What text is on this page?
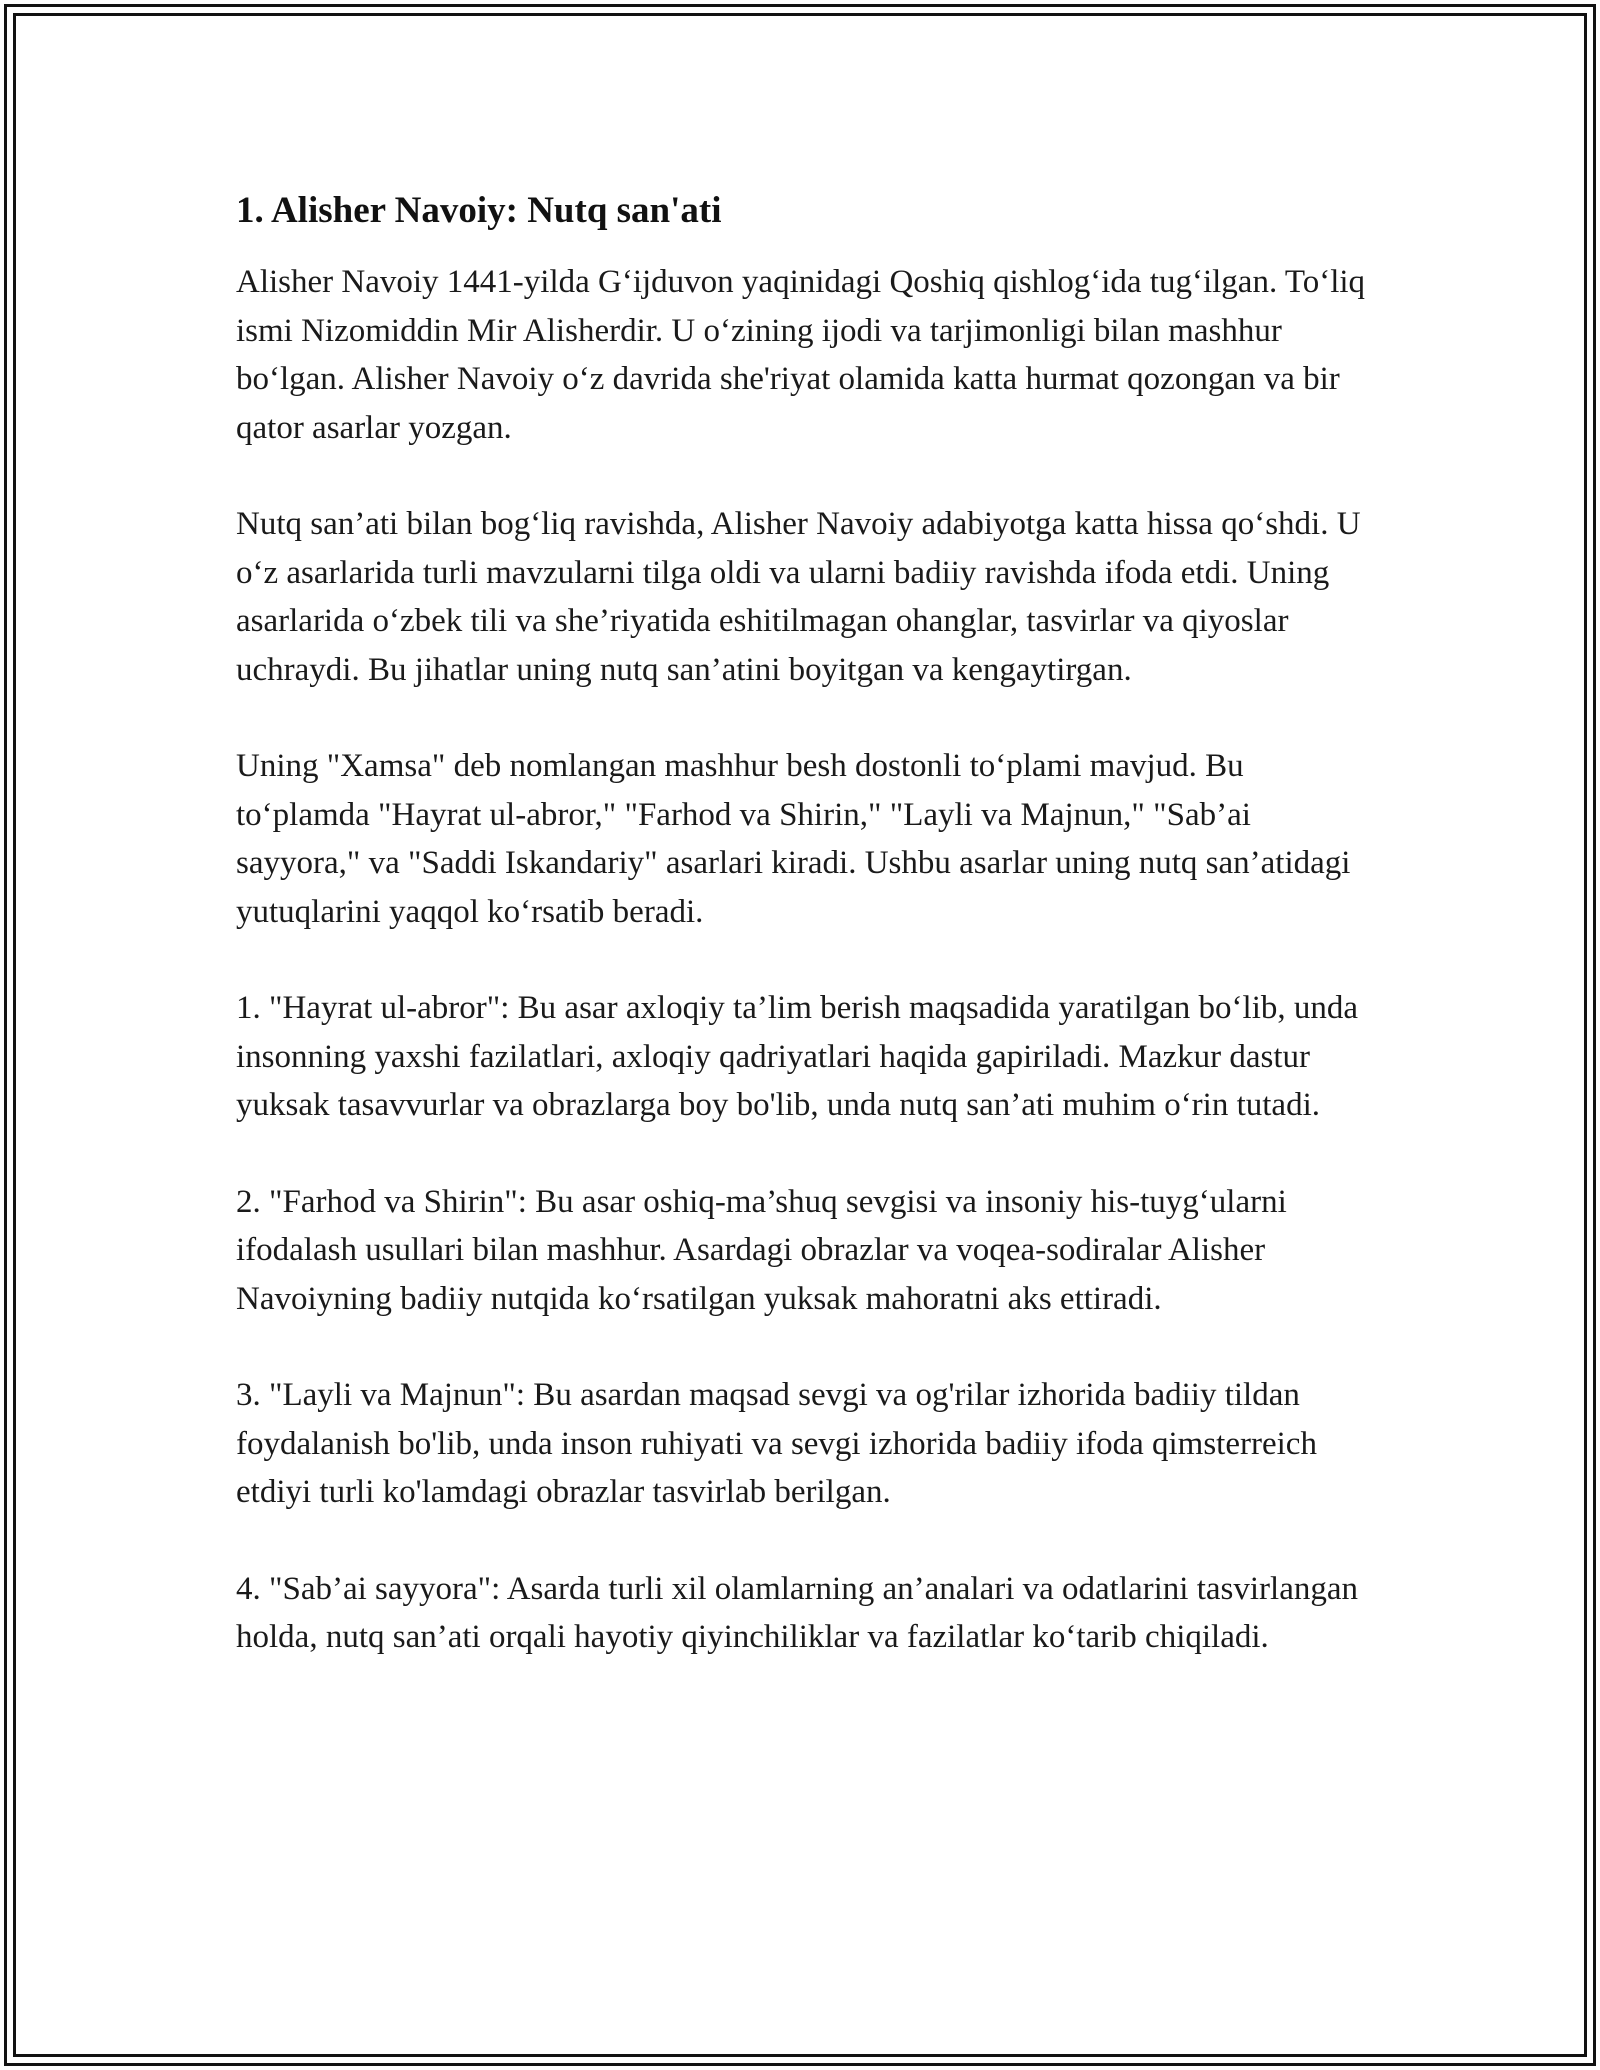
1. Alisher Navoiy: Nutq san'ati

Alisher Navoiy 1441-yilda G‘ijduvon yaqinidagi Qoshiq qishlog‘ida tug‘ilgan. To‘liq ismi Nizomiddin Mir Alisherdir. U o‘zining ijodi va tarjimonligi bilan mashhur bo‘lgan. Alisher Navoiy o‘z davrida she'riyat olamida katta hurmat qozongan va bir qator asarlar yozgan.

Nutq san’ati bilan bog‘liq ravishda, Alisher Navoiy adabiyotga katta hissa qo‘shdi. U o‘z asarlarida turli mavzularni tilga oldi va ularni badiiy ravishda ifoda etdi. Uning asarlarida o‘zbek tili va she’riyatida eshitilmagan ohanglar, tasvirlar va qiyoslar uchraydi. Bu jihatlar uning nutq san’atini boyitgan va kengaytirgan.

Uning "Xamsa" deb nomlangan mashhur besh dostonli to‘plami mavjud. Bu to‘plamda "Hayrat ul-abror," "Farhod va Shirin," "Layli va Majnun," "Sab’ai sayyora," va "Saddi Iskandariy" asarlari kiradi. Ushbu asarlar uning nutq san’atidagi yutuqlarini yaqqol ko‘rsatib beradi.

1. "Hayrat ul-abror": Bu asar axloqiy ta’lim berish maqsadida yaratilgan bo‘lib, unda insonning yaxshi fazilatlari, axloqiy qadriyatlari haqida gapiriladi. Mazkur dastur yuksak tasavvurlar va obrazlarga boy bo'lib, unda nutq san’ati muhim o‘rin tutadi.

2. "Farhod va Shirin": Bu asar oshiq-ma’shuq sevgisi va insoniy his-tuyg‘ularni ifodalash usullari bilan mashhur. Asardagi obrazlar va voqea-sodiralar Alisher Navoiyning badiiy nutqida ko‘rsatilgan yuksak mahoratni aks ettiradi.

3. "Layli va Majnun": Bu asardan maqsad sevgi va og'rilar izhorida badiiy tildan foydalanish bo'lib, unda inson ruhiyati va sevgi izhorida badiiy ifoda qimsterreich etdiyi turli ko'lamdagi obrazlar tasvirlab berilgan.

4. "Sab’ai sayyora": Asarda turli xil olamlarning an’analari va odatlarini tasvirlangan holda, nutq san’ati orqali hayotiy qiyinchiliklar va fazilatlar ko‘tarib chiqiladi.
